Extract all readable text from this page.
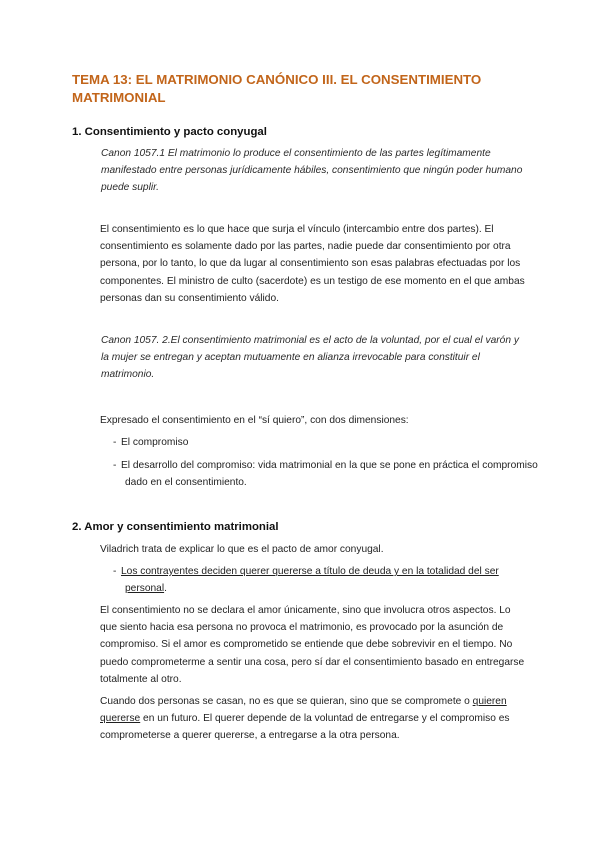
TEMA 13: EL MATRIMONIO CANÓNICO III. EL CONSENTIMIENTO MATRIMONIAL
1. Consentimiento y pacto conyugal

Canon 1057.1 El matrimonio lo produce el consentimiento de las partes legítimamente manifestado entre personas jurídicamente hábiles, consentimiento que ningún poder humano puede suplir.

El consentimiento es lo que hace que surja el vínculo (intercambio entre dos partes). El consentimiento es solamente dado por las partes, nadie puede dar consentimiento por otra persona, por lo tanto, lo que da lugar al consentimiento son esas palabras efectuadas por los componentes. El ministro de culto (sacerdote) es un testigo de ese momento en el que ambas personas dan su consentimiento válido.

Canon 1057. 2.El consentimiento matrimonial es el acto de la voluntad, por el cual el varón y la mujer se entregan y aceptan mutuamente en alianza irrevocable para constituir el matrimonio.

Expresado el consentimiento en el “sí quiero”, con dos dimensiones:

- El compromiso

- El desarrollo del compromiso: vida matrimonial en la que se pone en práctica el compromiso dado en el consentimiento.

2. Amor y consentimiento matrimonial

Viladrich trata de explicar lo que es el pacto de amor conyugal.

- Los contrayentes deciden querer quererse a título de deuda y en la totalidad del ser personal.

El consentimiento no se declara el amor únicamente, sino que involucra otros aspectos. Lo que siento hacia esa persona no provoca el matrimonio, es provocado por la asunción de compromiso. Si el amor es comprometido se entiende que debe sobrevivir en el tiempo. No puedo comprometerme a sentir una cosa, pero sí dar el consentimiento basado en entregarse totalmente al otro.

Cuando dos personas se casan, no es que se quieran, sino que se compromete o quieren quererse en un futuro. El querer depende de la voluntad de entregarse y el compromiso es comprometerse a querer quererse, a entregarse a la otra persona.
